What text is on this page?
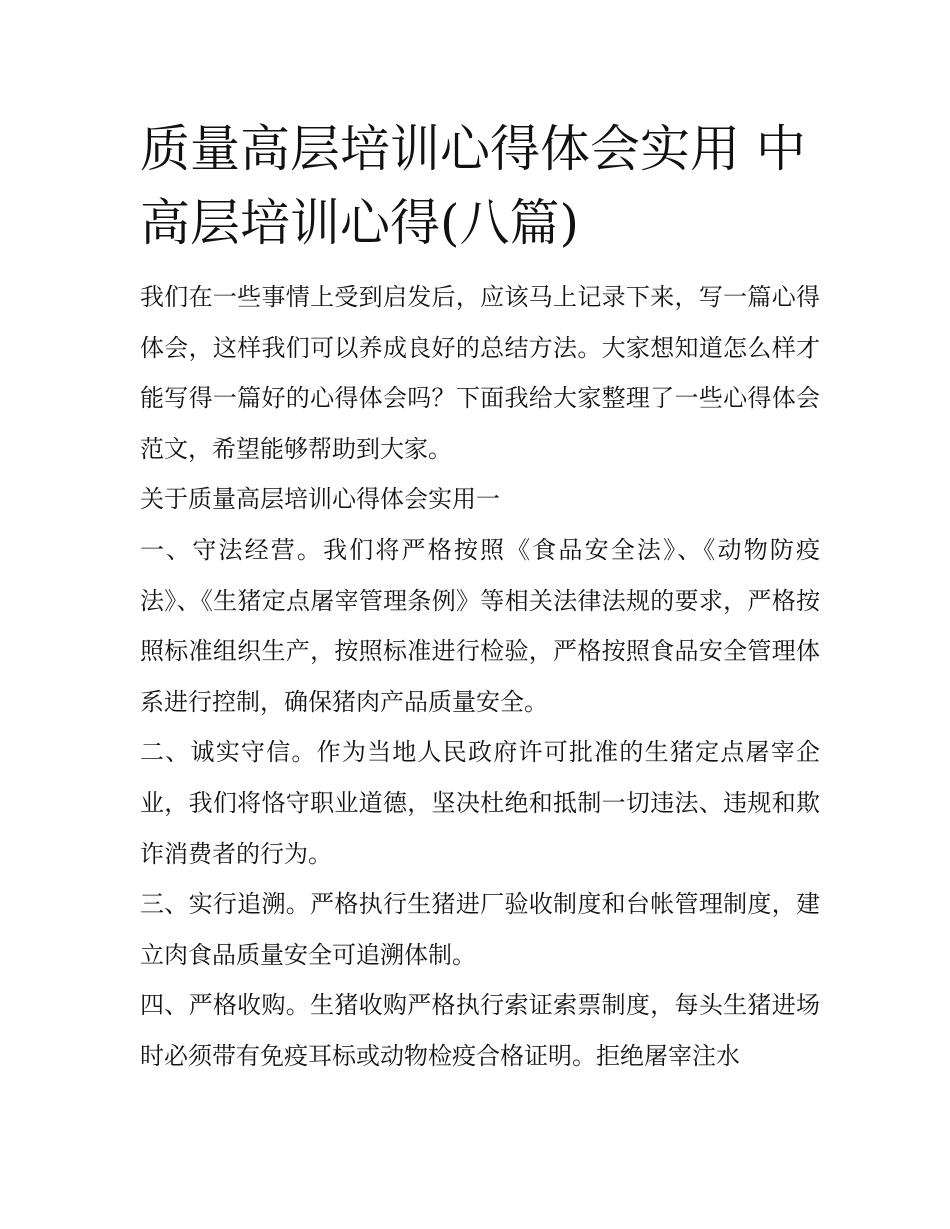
质量高层培训心得体会实用 中高层培训心得(八篇)

我们在一些事情上受到启发后，应该马上记录下来，写一篇心得体会，这样我们可以养成良好的总结方法。大家想知道怎么样才能写得一篇好的心得体会吗？下面我给大家整理了一些心得体会范文，希望能够帮助到大家。

关于质量高层培训心得体会实用一

一、守法经营。我们将严格按照《食品安全法》、《动物防疫法》、《生猪定点屠宰管理条例》等相关法律法规的要求，严格按照标准组织生产，按照标准进行检验，严格按照食品安全管理体系进行控制，确保猪肉产品质量安全。

二、诚实守信。作为当地人民政府许可批准的生猪定点屠宰企业，我们将恪守职业道德，坚决杜绝和抵制一切违法、违规和欺诈消费者的行为。

三、实行追溯。严格执行生猪进厂验收制度和台帐管理制度，建立肉食品质量安全可追溯体制。

四、严格收购。生猪收购严格执行索证索票制度，每头生猪进场时必须带有免疫耳标或动物检疫合格证明。拒绝屠宰注水
